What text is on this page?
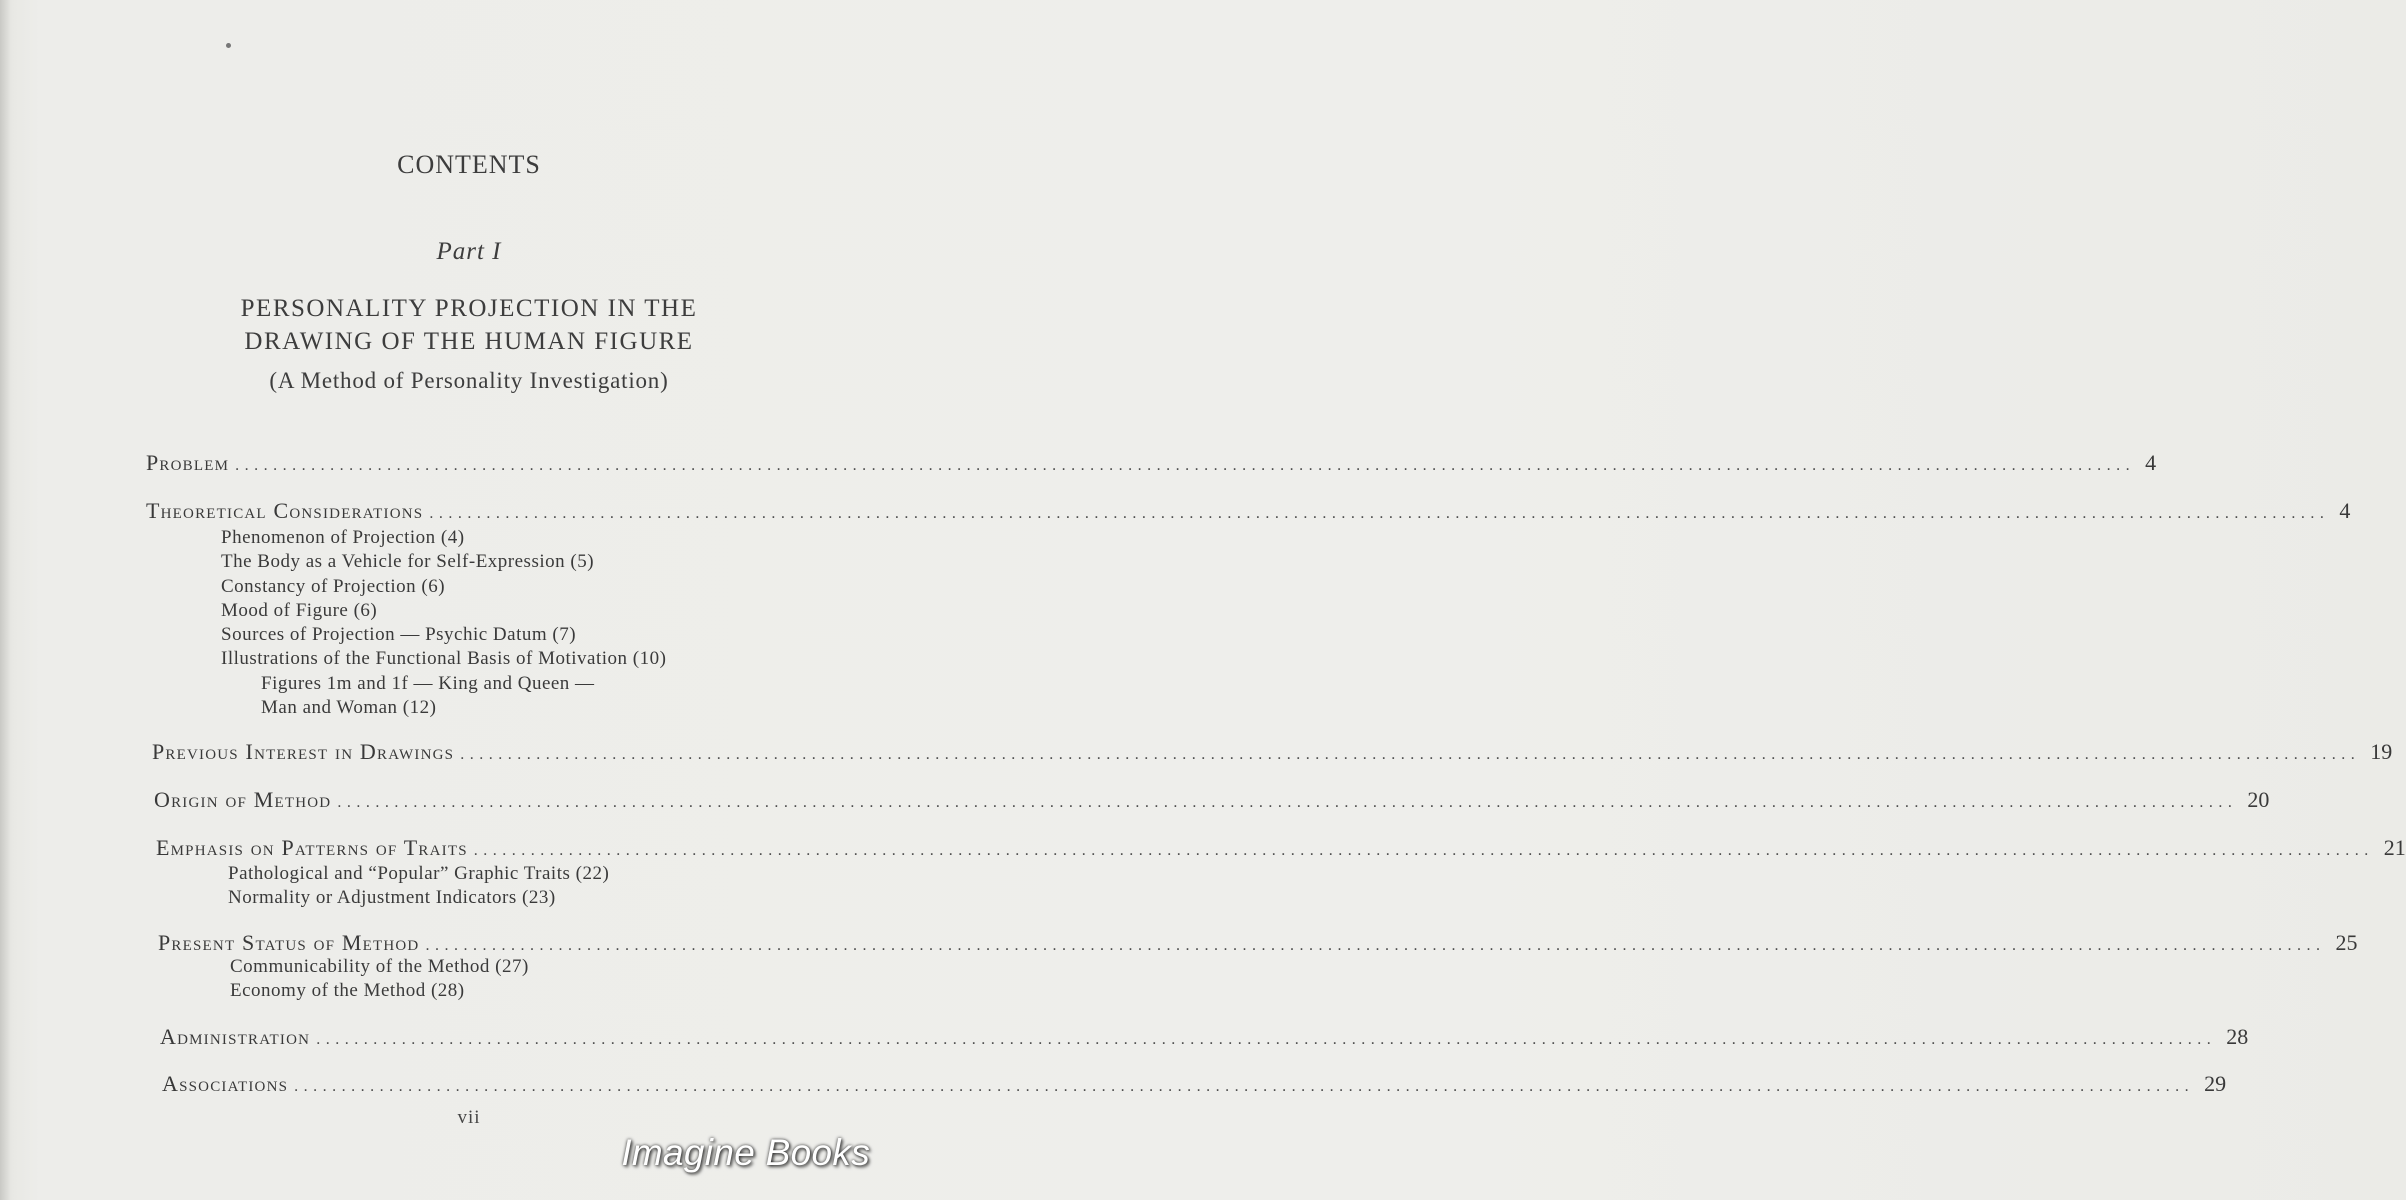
CONTENTS
Part I
PERSONALITY PROJECTION IN THE
DRAWING OF THE HUMAN FIGURE
(A Method of Personality Investigation)
Problem ........................................................................................................................................................................................................ 4
Theoretical Considerations ........................................................................................................................................................................................................ 4
Phenomenon of Projection (4)
The Body as a Vehicle for Self-Expression (5)
Constancy of Projection (6)
Mood of Figure (6)
Sources of Projection — Psychic Datum (7)
Illustrations of the Functional Basis of Motivation (10)
Figures 1m and 1f — King and Queen —
Man and Woman (12)
Previous Interest in Drawings ........................................................................................................................................................................................................ 19
Origin of Method ........................................................................................................................................................................................................ 20
Emphasis on Patterns of Traits ........................................................................................................................................................................................................ 21
Pathological and “Popular” Graphic Traits (22)
Normality or Adjustment Indicators (23)
Present Status of Method ........................................................................................................................................................................................................ 25
Communicability of the Method (27)
Economy of the Method (28)
Administration ........................................................................................................................................................................................................ 28
Associations ........................................................................................................................................................................................................ 29
vii
Imagine Books
